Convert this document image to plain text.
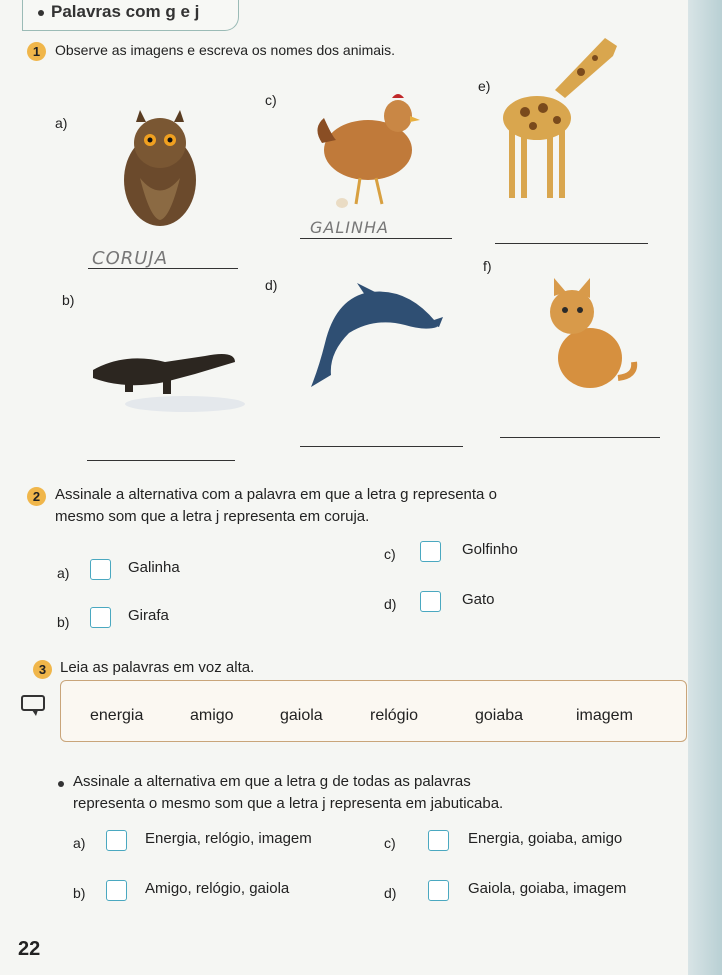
Palavras com g e j
1	Observe as imagens e escreva os nomes dos animais.
a)
CORUJA
c)
GALINHA
e)
b)
d)
f)
2 Assinale a alternativa com a palavra em que a letra g representa o
mesmo som que a letra j representa em coruja.
a)	Galinha
b)	Girafa
c)	Golfinho
d)	Gato
3 Leia as palavras em voz alta.
energia	amigo	gaiola	relógio	goiaba	imagem
Assinale a alternativa em que a letra g de todas as palavras
representa o mesmo som que a letra j representa em jabuticaba.
a)	Energia, relógio, imagem
b)	Amigo, relógio, gaiola
c)	Energia, goiaba, amigo
d)	Gaiola, goiaba, imagem
22
